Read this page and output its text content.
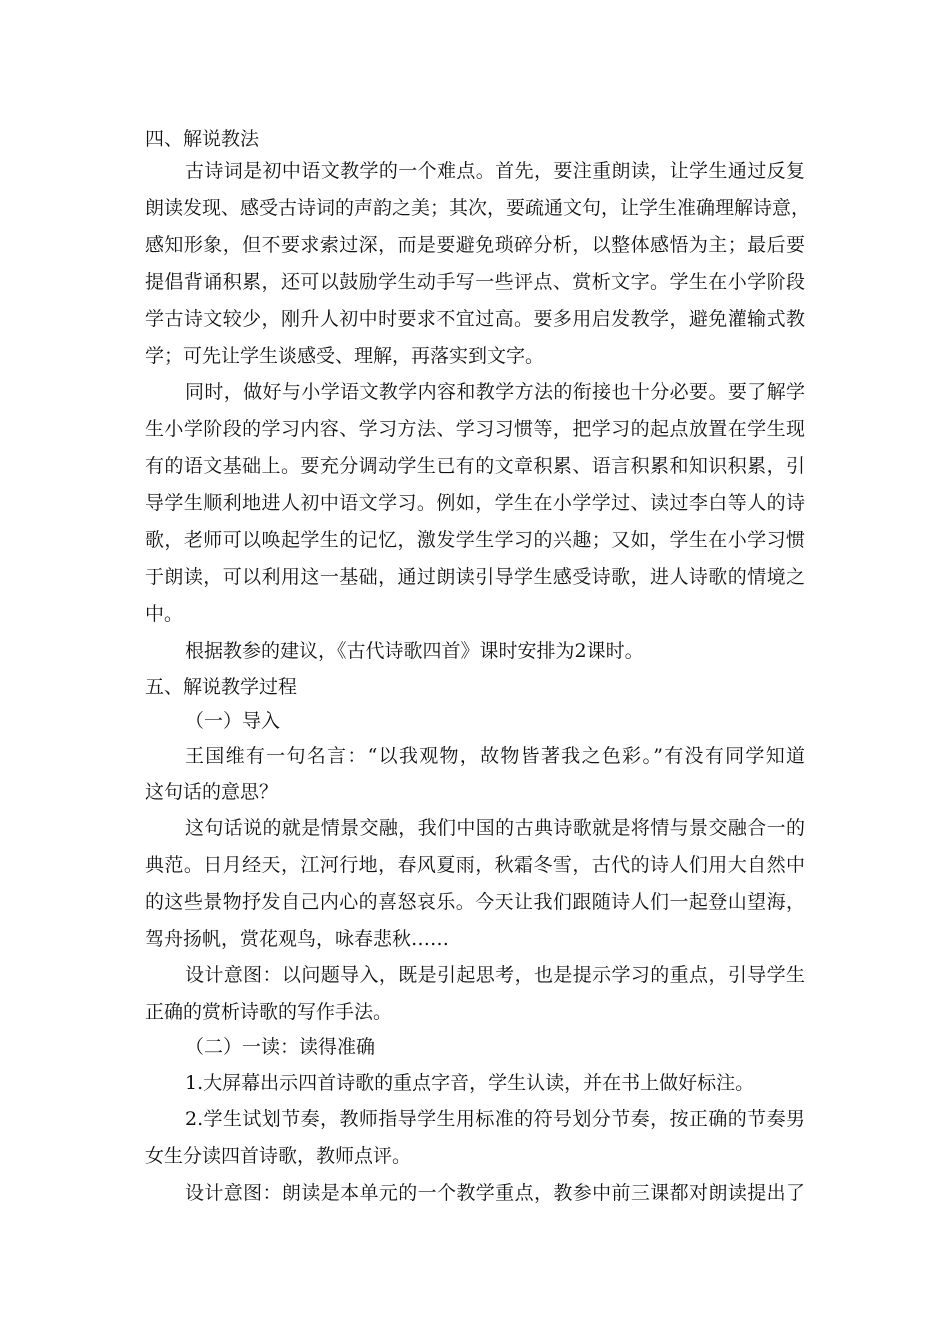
四、解说教法
古诗词是初中语文教学的一个难点。首先，要注重朗读，让学生通过反复
朗读发现、感受古诗词的声韵之美；其次，要疏通文句，让学生准确理解诗意，
感知形象，但不要求索过深，而是要避免琐碎分析，以整体感悟为主；最后要
提倡背诵积累，还可以鼓励学生动手写一些评点、赏析文字。学生在小学阶段
学古诗文较少，刚升人初中时要求不宜过高。要多用启发教学，避免灌输式教
学；可先让学生谈感受、理解，再落实到文字。
同时，做好与小学语文教学内容和教学方法的衔接也十分必要。要了解学
生小学阶段的学习内容、学习方法、学习习惯等，把学习的起点放置在学生现
有的语文基础上。要充分调动学生已有的文章积累、语言积累和知识积累，引
导学生顺利地进人初中语文学习。例如，学生在小学学过、读过李白等人的诗
歌，老师可以唤起学生的记忆，激发学生学习的兴趣；又如，学生在小学习惯
于朗读，可以利用这一基础，通过朗读引导学生感受诗歌，进人诗歌的情境之
中。
根据教参的建议，《古代诗歌四首》课时安排为2课时。
五、解说教学过程
（一）导入
王国维有一句名言：“以我观物，故物皆著我之色彩。”有没有同学知道
这句话的意思？
这句话说的就是情景交融，我们中国的古典诗歌就是将情与景交融合一的
典范。日月经天，江河行地，春风夏雨，秋霜冬雪，古代的诗人们用大自然中
的这些景物抒发自己内心的喜怒哀乐。今天让我们跟随诗人们一起登山望海，
驾舟扬帆，赏花观鸟，咏春悲秋……
设计意图：以问题导入，既是引起思考，也是提示学习的重点，引导学生
正确的赏析诗歌的写作手法。
（二）一读：读得准确
1.大屏幕出示四首诗歌的重点字音，学生认读，并在书上做好标注。
2.学生试划节奏，教师指导学生用标准的符号划分节奏，按正确的节奏男
女生分读四首诗歌，教师点评。
设计意图：朗读是本单元的一个教学重点，教参中前三课都对朗读提出了
